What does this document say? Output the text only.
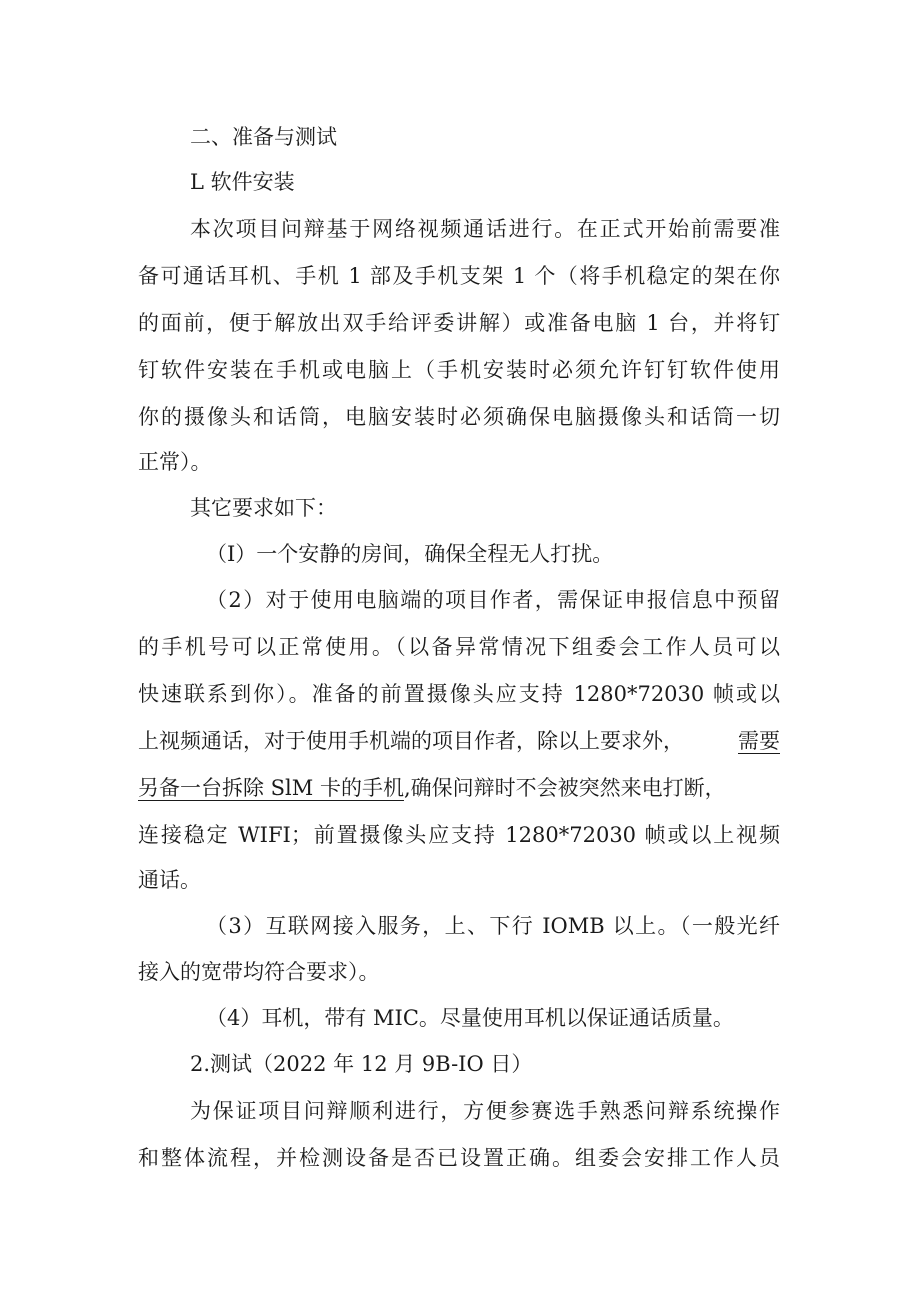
二、准备与测试
L 软件安装
本次项目问辩基于网络视频通话进行。在正式开始前需要准
备可通话耳机、手机 1 部及手机支架 1 个（将手机稳定的架在你
的面前，便于解放出双手给评委讲解）或准备电脑 1 台，并将钉
钉软件安装在手机或电脑上（手机安装时必须允许钉钉软件使用
你的摄像头和话筒，电脑安装时必须确保电脑摄像头和话筒一切
正常）。
其它要求如下：
（I）一个安静的房间，确保全程无人打扰。
（2）对于使用电脑端的项目作者，需保证申报信息中预留
的手机号可以正常使用。（以备异常情况下组委会工作人员可以
快速联系到你）。准备的前置摄像头应支持 1280*72030 帧或以
上视频通话，对于使用手机端的项目作者，除以上要求外，	需要
另备一台拆除 SlM 卡的手机,确保问辩时不会被突然来电打断，
连接稳定 WIFI；前置摄像头应支持 1280*72030 帧或以上视频
通话。
（3）互联网接入服务，上、下行 IOMB 以上。（一般光纤
接入的宽带均符合要求）。
（4）耳机，带有 MIC。尽量使用耳机以保证通话质量。
2.测试（2022 年 12 月 9B-IO 日）
为保证项目问辩顺利进行，方便参赛选手熟悉问辩系统操作
和整体流程，并检测设备是否已设置正确。组委会安排工作人员
